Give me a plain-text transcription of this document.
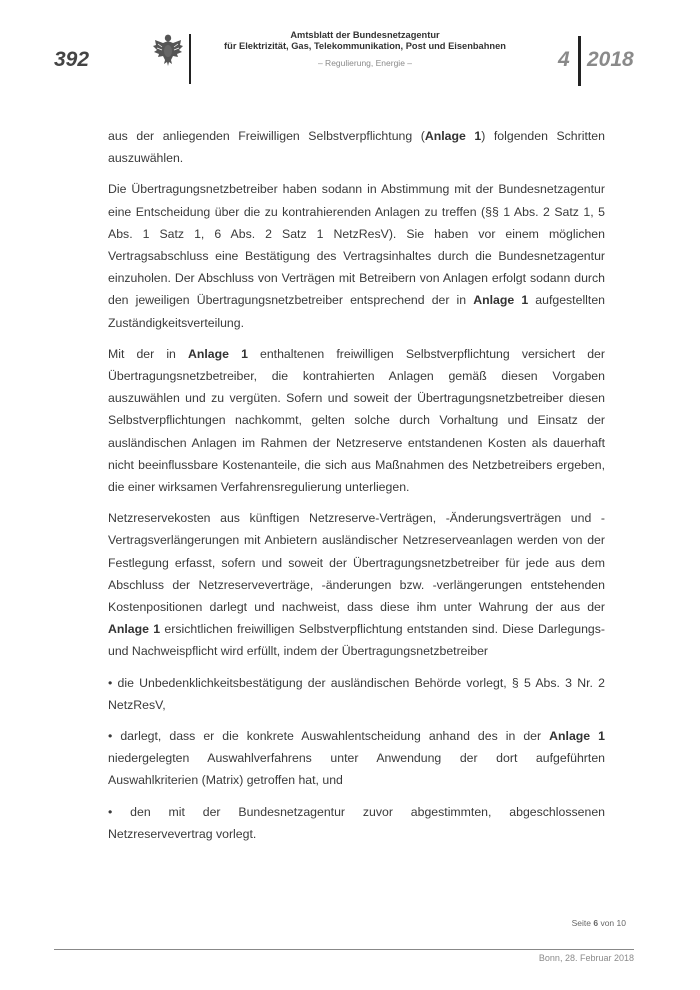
392
Amtsblatt der Bundesnetzagentur
für Elektrizität, Gas, Telekommunikation, Post und Eisenbahnen
– Regulierung, Energie –	4 2018

aus der anliegenden Freiwilligen Selbstverpflichtung (Anlage 1) folgenden Schritten auszuwählen.

Die Übertragungsnetzbetreiber haben sodann in Abstimmung mit der Bundesnetzagentur eine Entscheidung über die zu kontrahierenden Anlagen zu treffen (§§ 1 Abs. 2 Satz 1, 5 Abs. 1 Satz 1, 6 Abs. 2 Satz 1 NetzResV). Sie haben vor einem möglichen Vertragsabschluss eine Bestätigung des Vertragsinhaltes durch die Bundesnetzagentur einzuholen. Der Abschluss von Verträgen mit Betreibern von Anlagen erfolgt sodann durch den jeweiligen Übertragungsnetzbetreiber entsprechend der in Anlage 1 aufgestellten Zuständigkeitsverteilung.

Mit der in Anlage 1 enthaltenen freiwilligen Selbstverpflichtung versichert der Übertragungsnetzbetreiber, die kontrahierten Anlagen gemäß diesen Vorgaben auszuwählen und zu vergüten. Sofern und soweit der Übertragungsnetzbetreiber diesen Selbstverpflichtungen nachkommt, gelten solche durch Vorhaltung und Einsatz der ausländischen Anlagen im Rahmen der Netzreserve entstandenen Kosten als dauerhaft nicht beeinflussbare Kostenanteile, die sich aus Maßnahmen des Netzbetreibers ergeben, die einer wirksamen Verfahrensregulierung unterliegen.

Netzreservekosten aus künftigen Netzreserve-Verträgen, -Änderungsverträgen und -Vertragsverlängerungen mit Anbietern ausländischer Netzreserveanlagen werden von der Festlegung erfasst, sofern und soweit der Übertragungsnetzbetreiber für jede aus dem Abschluss der Netzreserveverträge, -änderungen bzw. -verlängerungen entstehenden Kostenpositionen darlegt und nachweist, dass diese ihm unter Wahrung der aus der Anlage 1 ersichtlichen freiwilligen Selbstverpflichtung entstanden sind. Diese Darlegungs- und Nachweispflicht wird erfüllt, indem der Übertragungsnetzbetreiber

• die Unbedenklichkeitsbestätigung der ausländischen Behörde vorlegt, § 5 Abs. 3 Nr. 2 NetzResV,

• darlegt, dass er die konkrete Auswahlentscheidung anhand des in der Anlage 1 niedergelegten Auswahlverfahrens unter Anwendung der dort aufgeführten Auswahlkriterien (Matrix) getroffen hat, und

• den mit der Bundesnetzagentur zuvor abgestimmten, abgeschlossenen Netzreservevertrag vorlegt.

Seite 6 von 10
Bonn, 28. Februar 2018
